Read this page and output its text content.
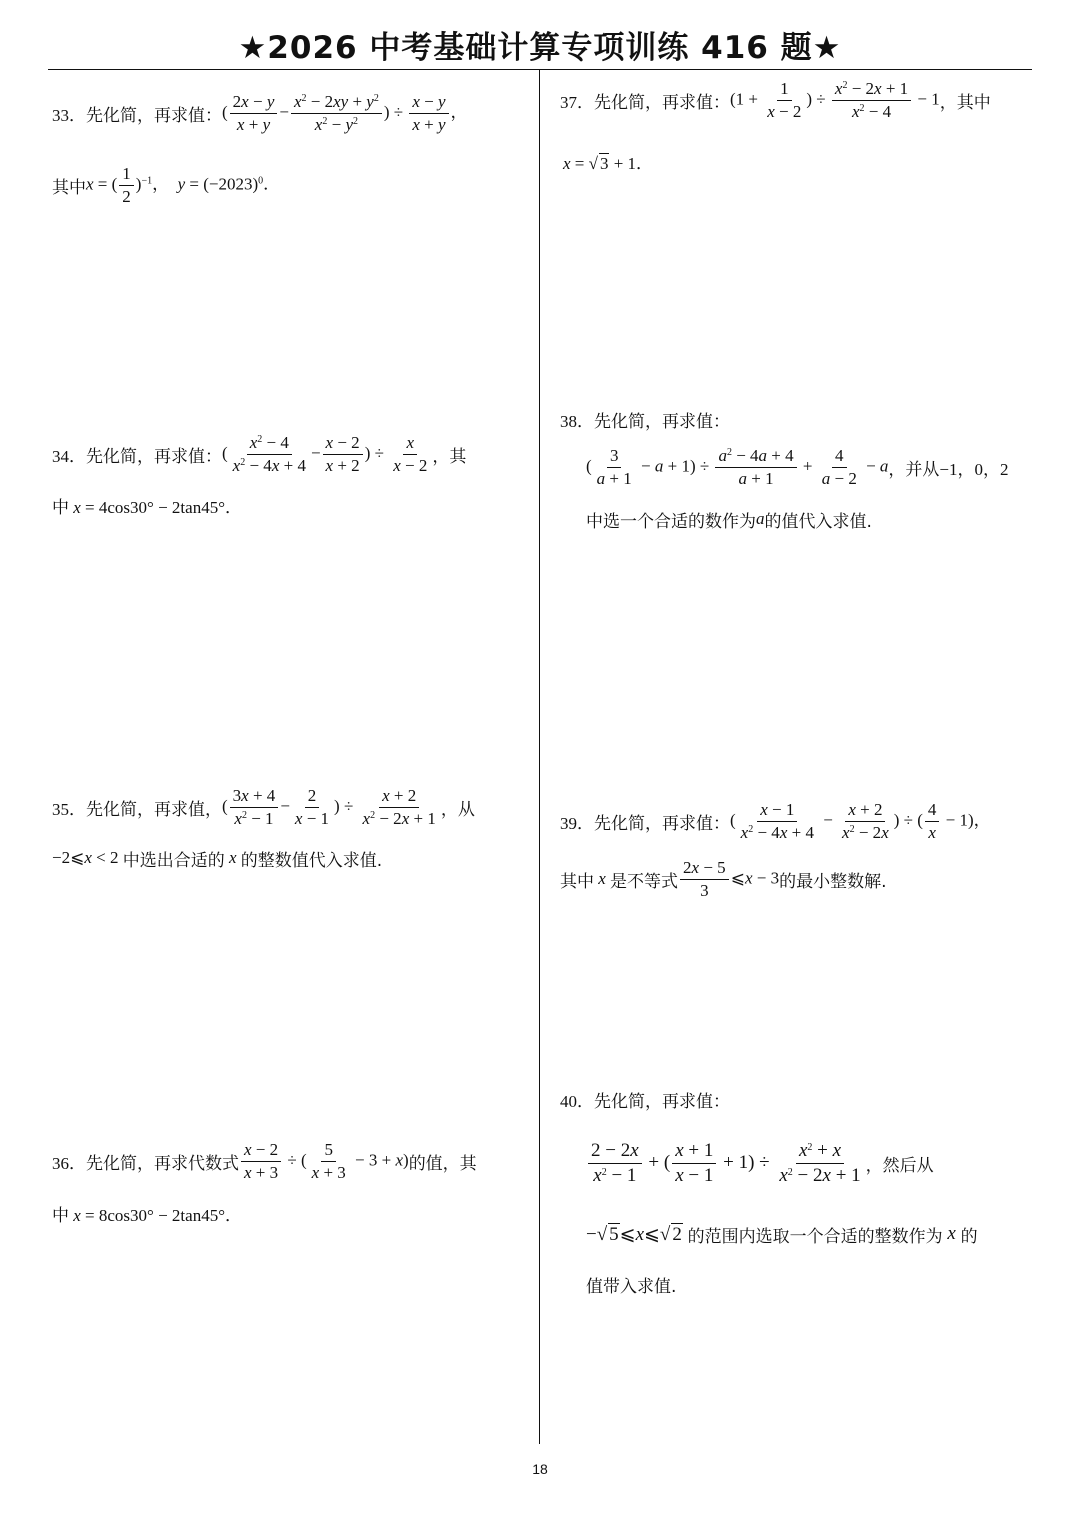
★2026 中考基础计算专项训练 416 题★
33． 先化简，再求值： ( $\frac{2x - y}{x + y} - \frac{x^2 - 2xy + y^2}{x^2 - y^2}$ ) ÷ $\frac{x - y}{x + y}$ ，
其中 x = ( $\frac{1}{2} )^{-1}$，  $y = (-2023)^0$．
34． 先化简，再求值： ( $\frac{x^2 - 4}{x^2 - 4x + 4} - \frac{x - 2}{x + 2}$ ) ÷ $\frac{x}{x - 2}$ ，其
中 x = 4cos30° − 2tan45°．
35． 先化简，再求值， ( $\frac{3x + 4}{x^2 - 1} - \frac{2}{x - 1}$ ) ÷ $\frac{x + 2}{x^2 - 2x + 1}$ ，从
−2⩽x < 2 中选出合适的 x 的整数值代入求值.
36． 先化简，再求代数式 $\frac{x - 2}{x + 3}$ ÷ ( $\frac{5}{x + 3} - 3 + x$) 的值，其
中 x = 8cos30° − 2tan45°．
37． 先化简，再求值： ($1 + \frac{1}{x - 2}$ ) ÷ $\frac{x^2 - 2x + 1}{x^2 - 4} - 1$ ，其中
x = √ 3 + 1．
38． 先化简，再求值：
( $\frac{3}{a + 1} - a + 1) \div \frac{a^2 - 4a + 4}{a + 1} + \frac{4}{a - 2} - a$ ，并从 −1，0，2
中选一个合适的数作为 a 的值代入求值.
39． 先化简，再求值： ( $\frac{x - 1}{x^2 - 4x + 4} - \frac{x + 2}{x^2 - 2x}$ ) ÷ ( $\frac{4}{x} - 1$)，
其中 x 是不等式 $\frac{2x - 5}{3}$ ⩽x − 3 的最小整数解.
40． 先化简，再求值：
$\frac{2 - 2x}{x^2 - 1}$ + ( $\frac{x + 1}{x - 1} + 1) \div \frac{x^2 + x}{x^2 - 2x + 1}$ ，然后从
−√ 5⩽x⩽√ 2 的范围内选取一个合适的整数作为 x 的
值带入求值.
18
